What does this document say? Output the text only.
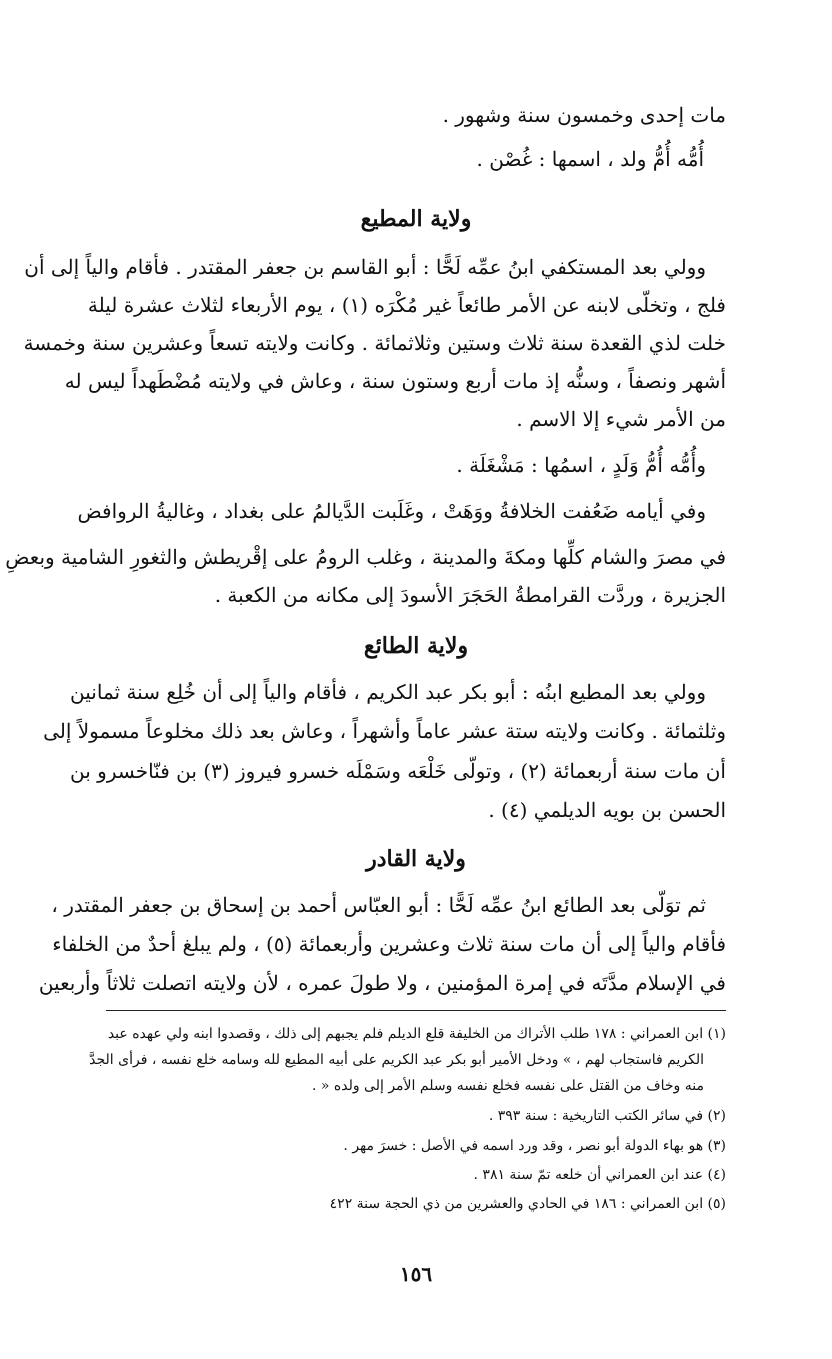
مات إحدى وخمسون سنة وشهور .
أُمُّه أُمُّ ولد ، اسمها : غُصْن .
ولاية المطيع
وولي بعد المستكفي ابنُ عمِّه لَحًّا : أبو القاسم بن جعفر المقتدر . فأقام والياً إلى أن
فلج ، وتخلّى لابنه عن الأمر طائعاً غير مُكْرَه (١) ، يوم الأربعاء لثلاث عشرة ليلة
خلت لذي القعدة سنة ثلاث وستين وثلاثمائة . وكانت ولايته تسعاً وعشرين سنة وخمسة
أشهر ونصفاً ، وسنُّه إذ مات أربع وستون سنة ، وعاش في ولايته مُضْطَهداً ليس له
من الأمر شيء إلا الاسم .
وأُمُّه أُمُّ وَلَدٍ ، اسمُها : مَشْغَلَة .
وفي أيامه ضَعُفت الخلافةُ ووَهَتْ ، وغَلَبت الدَّيالمُ على بغداد ، وغاليةُ الروافض
في مصرَ والشام كلِّها ومكةَ والمدينة ، وغلب الرومُ على إقْريطش والثغورِ الشامية وبعضِ
الجزيرة ، وردَّت القرامطةُ الحَجَرَ الأسودَ إلى مكانه من الكعبة .
ولاية الطائع
وولي بعد المطيع ابنُه : أبو بكر عبد الكريم ، فأقام والياً إلى أن خُلِع سنة ثمانين
وثلثمائة . وكانت ولايته ستة عشر عاماً وأشهراً ، وعاش بعد ذلك مخلوعاً مسمولاً إلى
أن مات سنة أربعمائة (٢) ، وتولّى خَلْعَه وسَمْلَه خسرو فيروز (٣) بن فنّاخسرو بن
الحسن بن بويه الديلمي (٤) .
ولاية القادر
ثم توَلّى بعد الطائع ابنُ عمِّه لَحًّا : أبو العبّاس أحمد بن إسحاق بن جعفر المقتدر ،
فأقام والياً إلى أن مات سنة ثلاث وعشرين وأربعمائة (٥) ، ولم يبلغ أحدٌ من الخلفاء
في الإسلام مدَّتَه في إمرة المؤمنين ، ولا طولَ عمره ، لأن ولايته اتصلت ثلاثاً وأربعين
(١) ابن العمراني : ١٧٨ طلب الأتراك من الخليفة قلع الديلم فلم يجبهم إلى ذلك ، وقصدوا ابنه ولي عهده عبد
الكريم فاستجاب لهم ، » ودخل الأمير أبو بكر عبد الكريم على أبيه المطيع لله وسامه خلع نفسه ، فرأى الجدَّ
منه وخاف من القتل على نفسه فخلع نفسه وسلم الأمر إلى ولده « .
(٢) في سائر الكتب التاريخية : سنة ٣٩٣ .
(٣) هو بهاء الدولة أبو نصر ، وقد ورد اسمه في الأصل : خسرَ مهر .
(٤) عند ابن العمراني أن خلعه تمّ سنة ٣٨١ .
(٥) ابن العمراني : ١٨٦ في الحادي والعشرين من ذي الحجة سنة ٤٢٢
١٥٦
